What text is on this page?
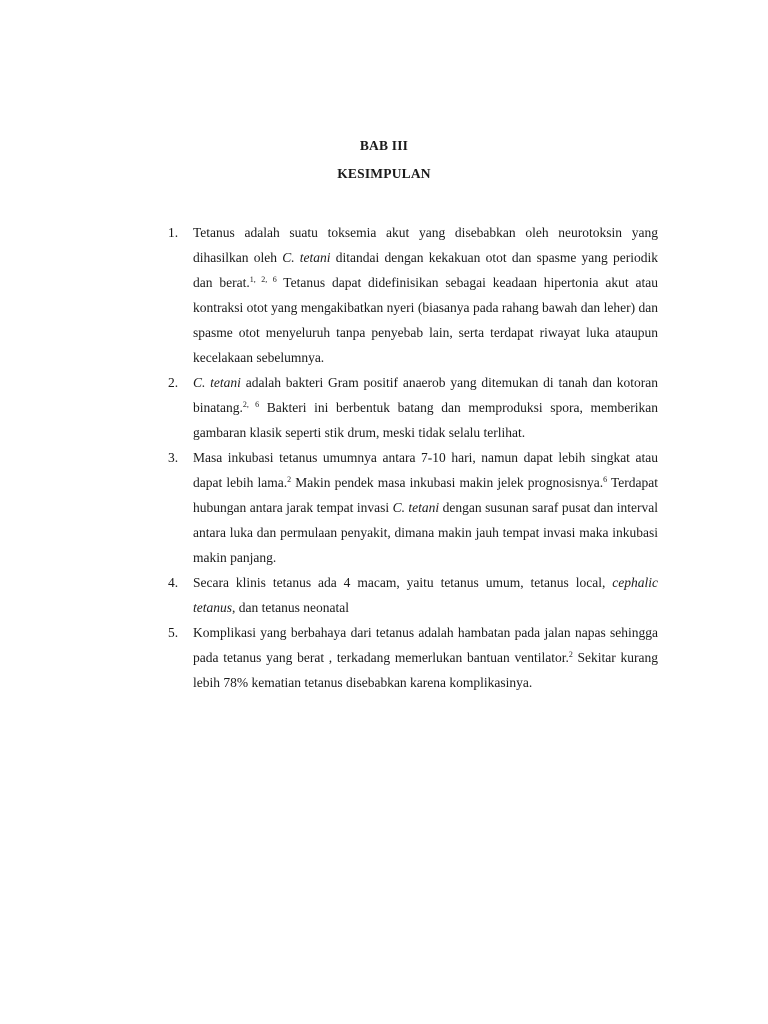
BAB III
KESIMPULAN
1. Tetanus adalah suatu toksemia akut yang disebabkan oleh neurotoksin yang dihasilkan oleh C. tetani ditandai dengan kekakuan otot dan spasme yang periodik dan berat.$^{1, 2, 6}$ Tetanus dapat didefinisikan sebagai keadaan hipertonia akut atau kontraksi otot yang mengakibatkan nyeri (biasanya pada rahang bawah dan leher) dan spasme otot menyeluruh tanpa penyebab lain, serta terdapat riwayat luka ataupun kecelakaan sebelumnya.
2. C. tetani adalah bakteri Gram positif anaerob yang ditemukan di tanah dan kotoran binatang.$^{2, 6}$ Bakteri ini berbentuk batang dan memproduksi spora, memberikan gambaran klasik seperti stik drum, meski tidak selalu terlihat.
3. Masa inkubasi tetanus umumnya antara 7-10 hari, namun dapat lebih singkat atau dapat lebih lama.$^2$ Makin pendek masa inkubasi makin jelek prognosisnya.$^6$ Terdapat hubungan antara jarak tempat invasi C. tetani dengan susunan saraf pusat dan interval antara luka dan permulaan penyakit, dimana makin jauh tempat invasi maka inkubasi makin panjang.
4. Secara klinis tetanus ada 4 macam, yaitu tetanus umum, tetanus local, cephalic tetanus, dan tetanus neonatal
5. Komplikasi yang berbahaya dari tetanus adalah hambatan pada jalan napas sehingga pada tetanus yang berat , terkadang memerlukan bantuan ventilator.$^2$ Sekitar kurang lebih 78% kematian tetanus disebabkan karena komplikasinya.
